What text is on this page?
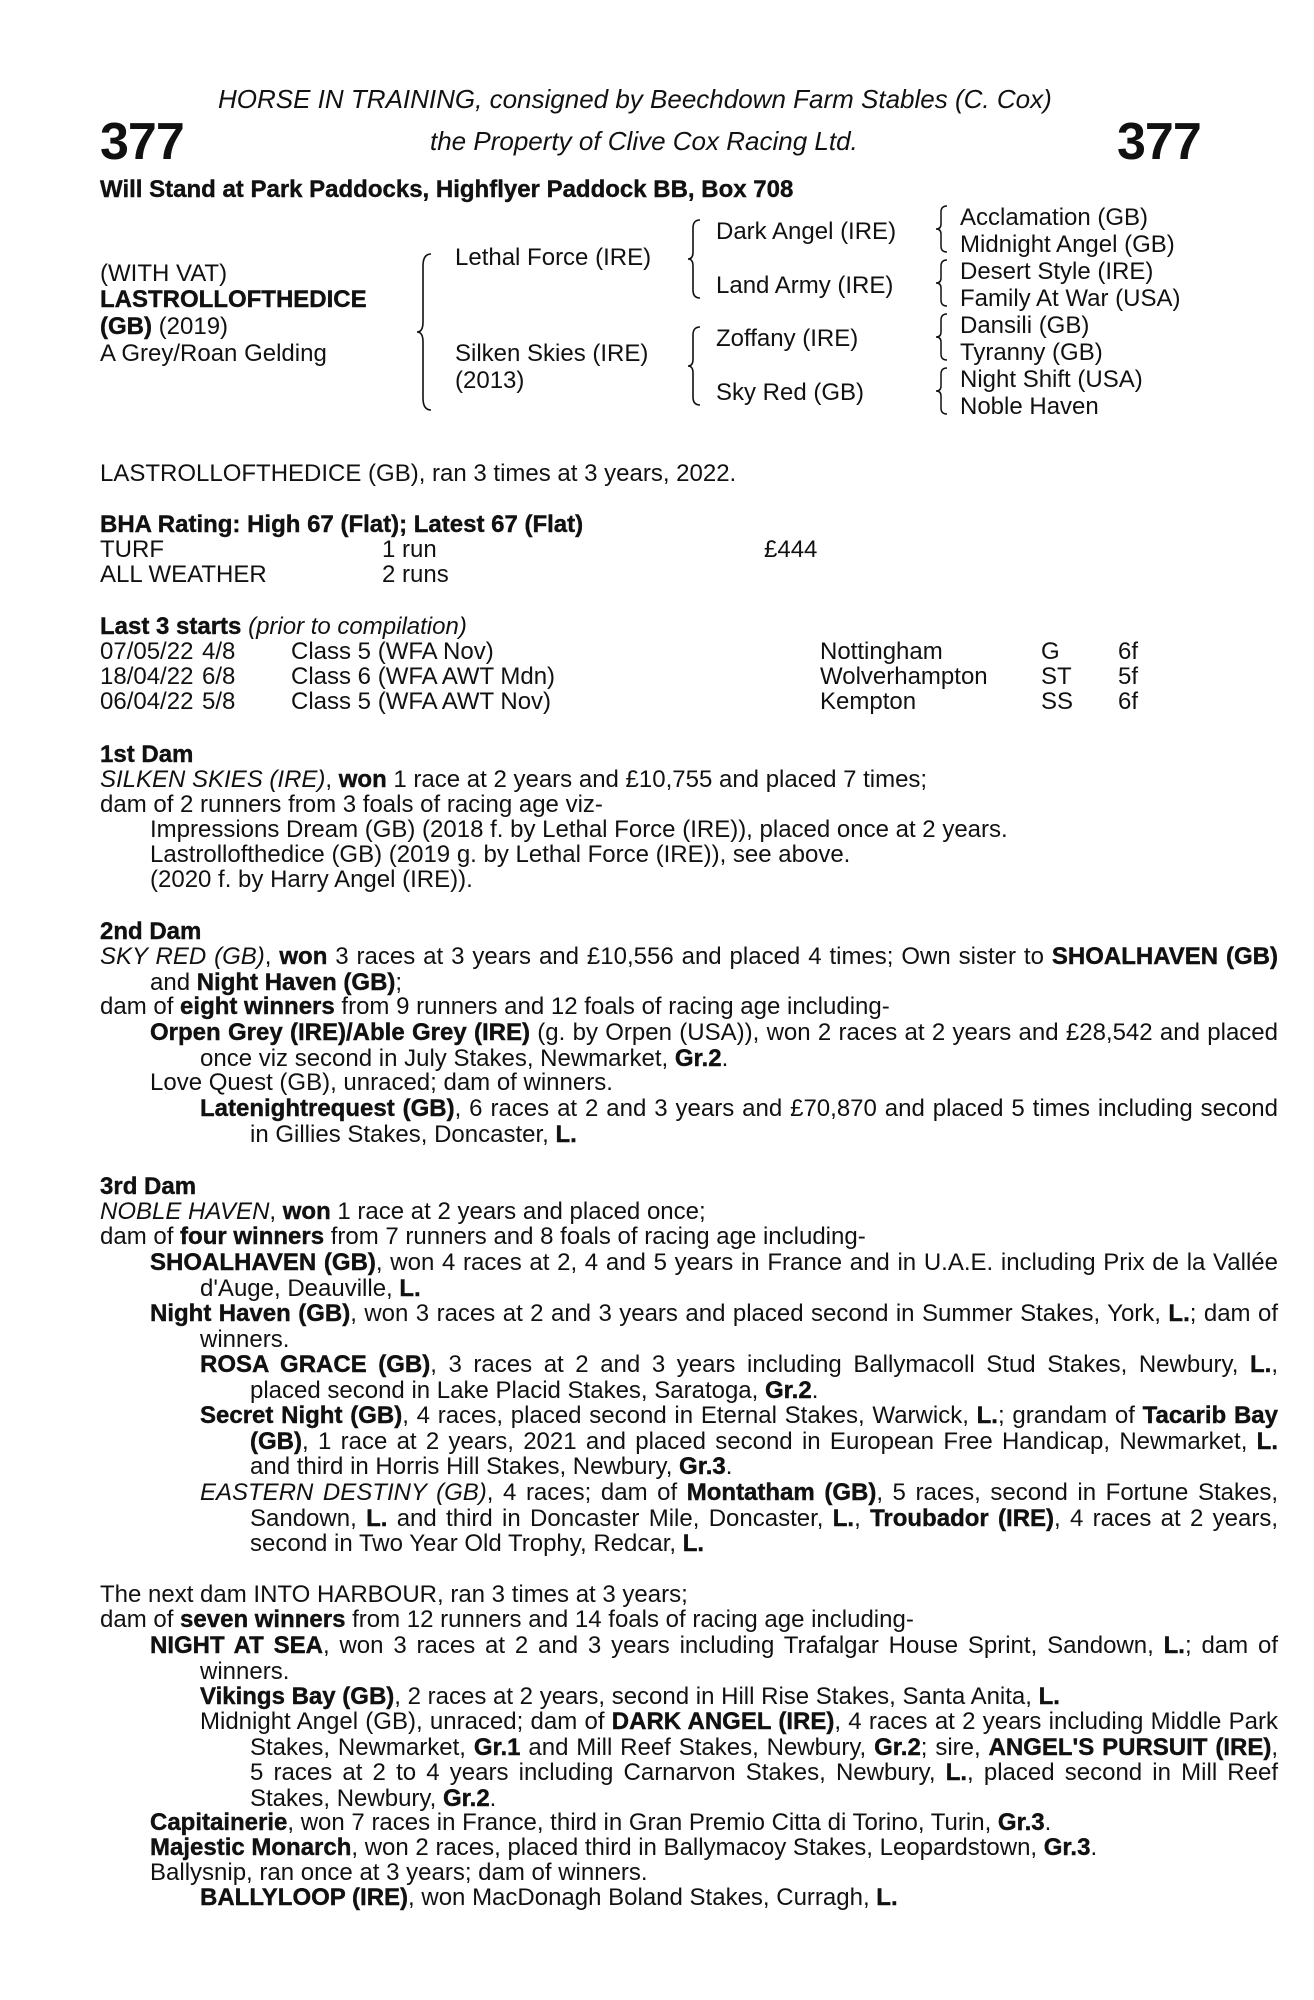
HORSE IN TRAINING, consigned by Beechdown Farm Stables (C. Cox)
377	the Property of Clive Cox Racing Ltd.	377
Will Stand at Park Paddocks, Highflyer Paddock BB, Box 708
(WITH VAT)
LASTROLLOFTHEDICE
(GB) (2019)
A Grey/Roan Gelding
Lethal Force (IRE)
Silken Skies (IRE)
(2013)
Dark Angel (IRE)
Land Army (IRE)
Zoffany (IRE)
Sky Red (GB)
Acclamation (GB)
Midnight Angel (GB)
Desert Style (IRE)
Family At War (USA)
Dansili (GB)
Tyranny (GB)
Night Shift (USA)
Noble Haven
LASTROLLOFTHEDICE (GB), ran 3 times at 3 years, 2022.
BHA Rating: High 67 (Flat); Latest 67 (Flat)
TURF	1 run	£444
ALL WEATHER	2 runs
Last 3 starts (prior to compilation)
07/05/22 4/8 Class 5 (WFA Nov)	Nottingham	G 6f
18/04/22 6/8 Class 6 (WFA AWT Mdn)	Wolverhampton ST 5f
06/04/22 5/8 Class 5 (WFA AWT Nov)	Kempton	SS 6f
1st Dam
SILKEN SKIES (IRE), won 1 race at 2 years and £10,755 and placed 7 times;
dam of 2 runners from 3 foals of racing age viz-
Impressions Dream (GB) (2018 f. by Lethal Force (IRE)), placed once at 2 years.
Lastrollofthedice (GB) (2019 g. by Lethal Force (IRE)), see above.
(2020 f. by Harry Angel (IRE)).
2nd Dam
SKY RED (GB), won 3 races at 3 years and £10,556 and placed 4 times; Own sister to SHOALHAVEN (GB) and Night Haven (GB);
dam of eight winners from 9 runners and 12 foals of racing age including-
Orpen Grey (IRE)/Able Grey (IRE) (g. by Orpen (USA)), won 2 races at 2 years and £28,542 and placed once viz second in July Stakes, Newmarket, Gr.2.
Love Quest (GB), unraced; dam of winners.
Latenightrequest (GB), 6 races at 2 and 3 years and £70,870 and placed 5 times including second in Gillies Stakes, Doncaster, L.
3rd Dam
NOBLE HAVEN, won 1 race at 2 years and placed once;
dam of four winners from 7 runners and 8 foals of racing age including-
SHOALHAVEN (GB), won 4 races at 2, 4 and 5 years in France and in U.A.E. including Prix de la Vallée d'Auge, Deauville, L.
Night Haven (GB), won 3 races at 2 and 3 years and placed second in Summer Stakes, York, L.; dam of winners.
ROSA GRACE (GB), 3 races at 2 and 3 years including Ballymacoll Stud Stakes, Newbury, L., placed second in Lake Placid Stakes, Saratoga, Gr.2.
Secret Night (GB), 4 races, placed second in Eternal Stakes, Warwick, L.; grandam of Tacarib Bay (GB), 1 race at 2 years, 2021 and placed second in European Free Handicap, Newmarket, L. and third in Horris Hill Stakes, Newbury, Gr.3.
EASTERN DESTINY (GB), 4 races; dam of Montatham (GB), 5 races, second in Fortune Stakes, Sandown, L. and third in Doncaster Mile, Doncaster, L., Troubador (IRE), 4 races at 2 years, second in Two Year Old Trophy, Redcar, L.
The next dam INTO HARBOUR, ran 3 times at 3 years;
dam of seven winners from 12 runners and 14 foals of racing age including-
NIGHT AT SEA, won 3 races at 2 and 3 years including Trafalgar House Sprint, Sandown, L.; dam of winners.
Vikings Bay (GB), 2 races at 2 years, second in Hill Rise Stakes, Santa Anita, L.
Midnight Angel (GB), unraced; dam of DARK ANGEL (IRE), 4 races at 2 years including Middle Park Stakes, Newmarket, Gr.1 and Mill Reef Stakes, Newbury, Gr.2; sire, ANGEL'S PURSUIT (IRE), 5 races at 2 to 4 years including Carnarvon Stakes, Newbury, L., placed second in Mill Reef Stakes, Newbury, Gr.2.
Capitainerie, won 7 races in France, third in Gran Premio Citta di Torino, Turin, Gr.3.
Majestic Monarch, won 2 races, placed third in Ballymacoy Stakes, Leopardstown, Gr.3.
Ballysnip, ran once at 3 years; dam of winners.
BALLYLOOP (IRE), won MacDonagh Boland Stakes, Curragh, L.
